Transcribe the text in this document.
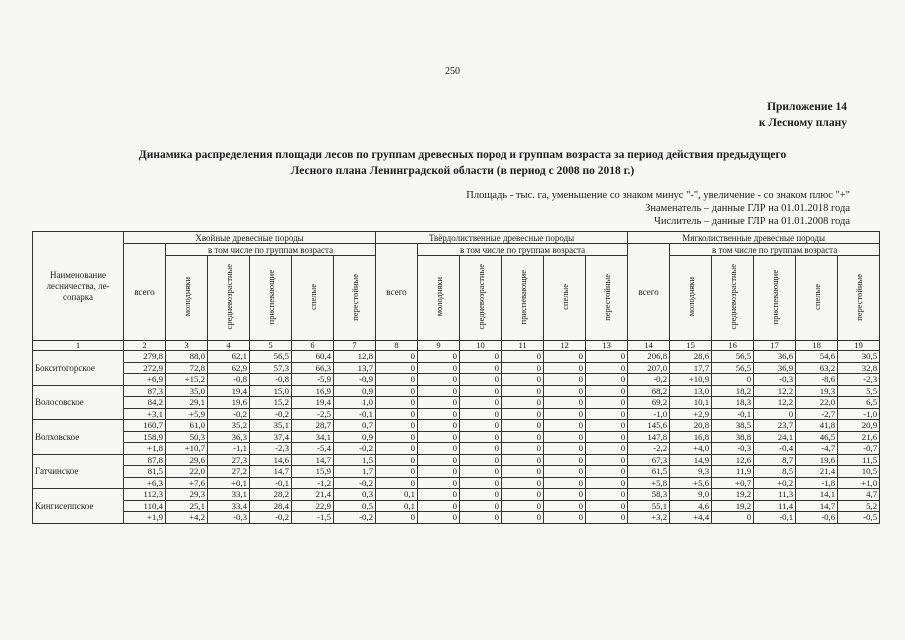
250
Приложение 14
к Лесному плану
Динамика распределения площади лесов по группам древесных пород и группам возраста за период действия предыдущего
Лесного плана Ленинградской области (в период с 2008 по 2018 г.)
Площадь - тыс. га, уменьшение со знаком минус "-", увеличение - со знаком плюс "+"
Знаменатель – данные ГЛР на 01.01.2018 года
Числитель – данные ГЛР на 01.01.2008 года
Наименование лесничества, ле-сопарка	Хвойные древесные породы						Твёрдолиственные древесные породы						Мягколиственные древесные породы					
	всего	в том числе по группам возраста					всего	в том числе по группам возраста					всего	в том числе по группам возраста				
		молодняки	средневозрастные	приспевающие	спелые	перестойные		молодняки	средневозрастные	приспевающие	спелые	перестойные		молодняки	средневозрастные	приспевающие	спелые	перестойные
1	2	3	4	5	6	7	8	9	10	11	12	13	14	15	16	17	18	19
Бокситогорское	279,8	88,0	62,1	56,5	60,4	12,8	0	0	0	0	0	0	206,8	28,6	56,5	36,6	54,6	30,5
	272,9	72,8	62,9	57,3	66,3	13,7	0	0	0	0	0	0	207,0	17,7	56,5	36,9	63,2	32,8
	+6,9	+15,2	-0,8	-0,8	-5,9	-0,9	0	0	0	0	0	0	-0,2	+10,9	0	-0,3	-8,6	-2,3
Волосовское	87,3	35,0	19,4	15,0	16,9	0,9	0	0	0	0	0	0	68,2	13,0	18,2	12,2	19,3	5,5
	84,2	29,1	19,6	15,2	19,4	1,0	0	0	0	0	0	0	69,2	10,1	18,3	12,2	22,0	6,5
	+3,1	+5,9	-0,2	-0,2	-2,5	-0,1	0	0	0	0	0	0	-1,0	+2,9	-0,1	0	-2,7	-1,0
Волховское	160,7	61,0	35,2	35,1	28,7	0,7	0	0	0	0	0	0	145,6	20,8	38,5	23,7	41,8	20,9
	158,9	50,3	36,3	37,4	34,1	0,9	0	0	0	0	0	0	147,8	16,8	38,8	24,1	46,5	21,6
	+1,8	+10,7	-1,1	-2,3	-5,4	-0,2	0	0	0	0	0	0	-2,2	+4,0	-0,3	-0,4	-4,7	-0,7
Гатчинское	87,8	29,6	27,3	14,6	14,7	1,5	0	0	0	0	0	0	67,3	14,9	12,6	8,7	19,6	11,5
	81,5	22,0	27,2	14,7	15,9	1,7	0	0	0	0	0	0	61,5	9,3	11,9	8,5	21,4	10,5
	+6,3	+7,6	+0,1	-0,1	-1,2	-0,2	0	0	0	0	0	0	+5,8	+5,6	+0,7	+0,2	-1,8	+1,0
Кингисеппское	112,3	29,3	33,1	28,2	21,4	0,3	0,1	0	0	0	0	0	58,3	9,0	19,2	11,3	14,1	4,7
	110,4	25,1	33,4	28,4	22,9	0,5	0,1	0	0	0	0	0	55,1	4,6	19,2	11,4	14,7	5,2
	+1,9	+4,2	-0,3	-0,2	-1,5	-0,2	0	0	0	0	0	0	+3,2	+4,4	0	-0,1	-0,6	-0,5
